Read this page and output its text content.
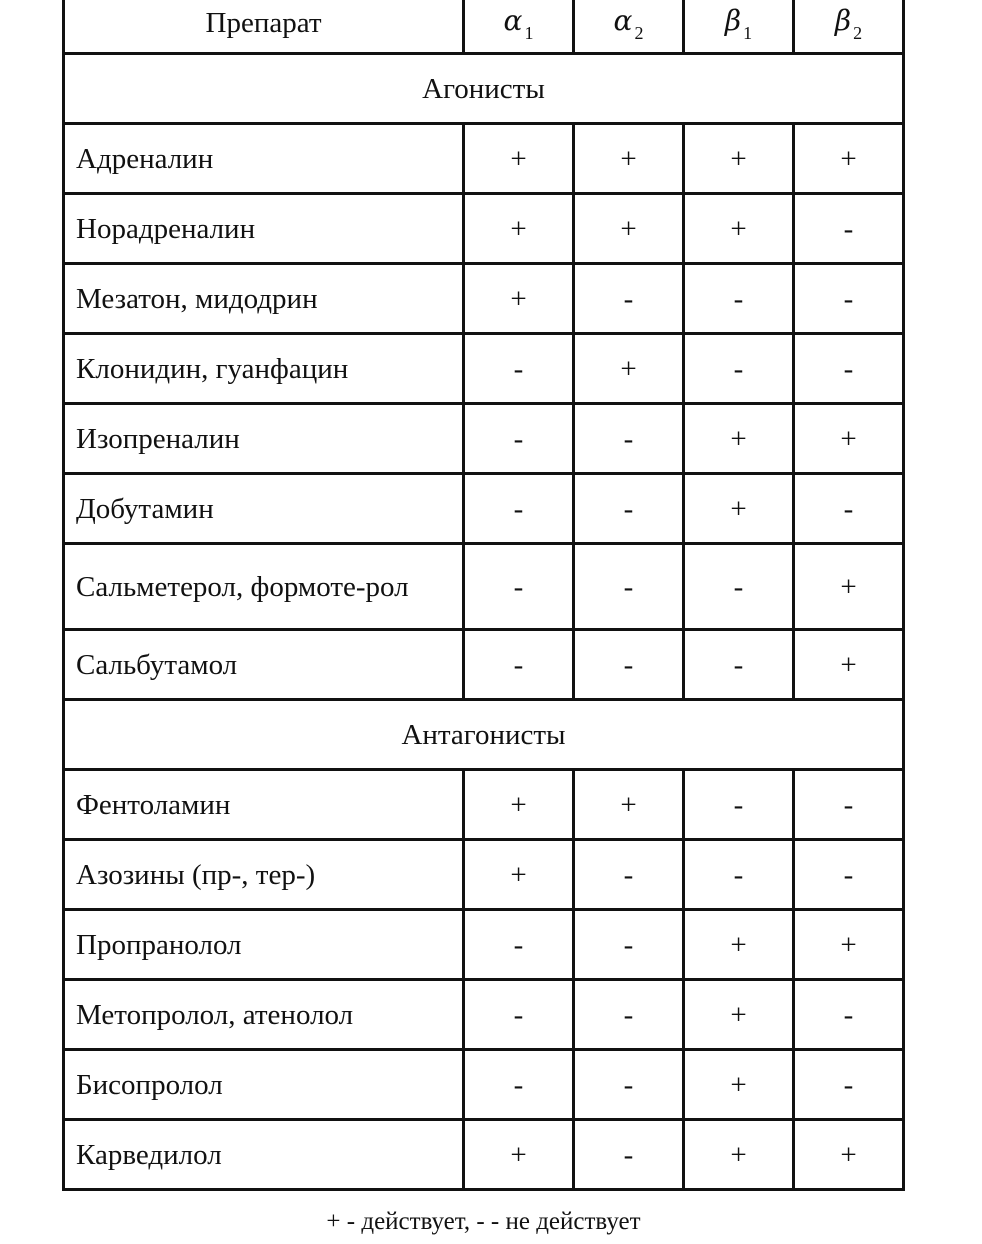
Препарат	α $_1$	α $_2$	β $_1$	β $_2$
Агонисты				
Адреналин	+	+	+	+
Норадреналин	+	+	+	-
Мезатон, мидодрин	+	-	-	-
Клонидин, гуанфацин	-	+	-	-
Изопреналин	-	-	+	+
Добутамин	-	-	+	-
Сальметерол, формоте-рол	-	-	-	+
Сальбутамол	-	-	-	+
Антагонисты				
Фентоламин	+	+	-	-
Азозины (пр-, тер-)	+	-	-	-
Пропранолол	-	-	+	+
Метопролол, атенолол	-	-	+	-
Бисопролол	-	-	+	-
Карведилол	+	-	+	+
+ - действует, - - не действует
